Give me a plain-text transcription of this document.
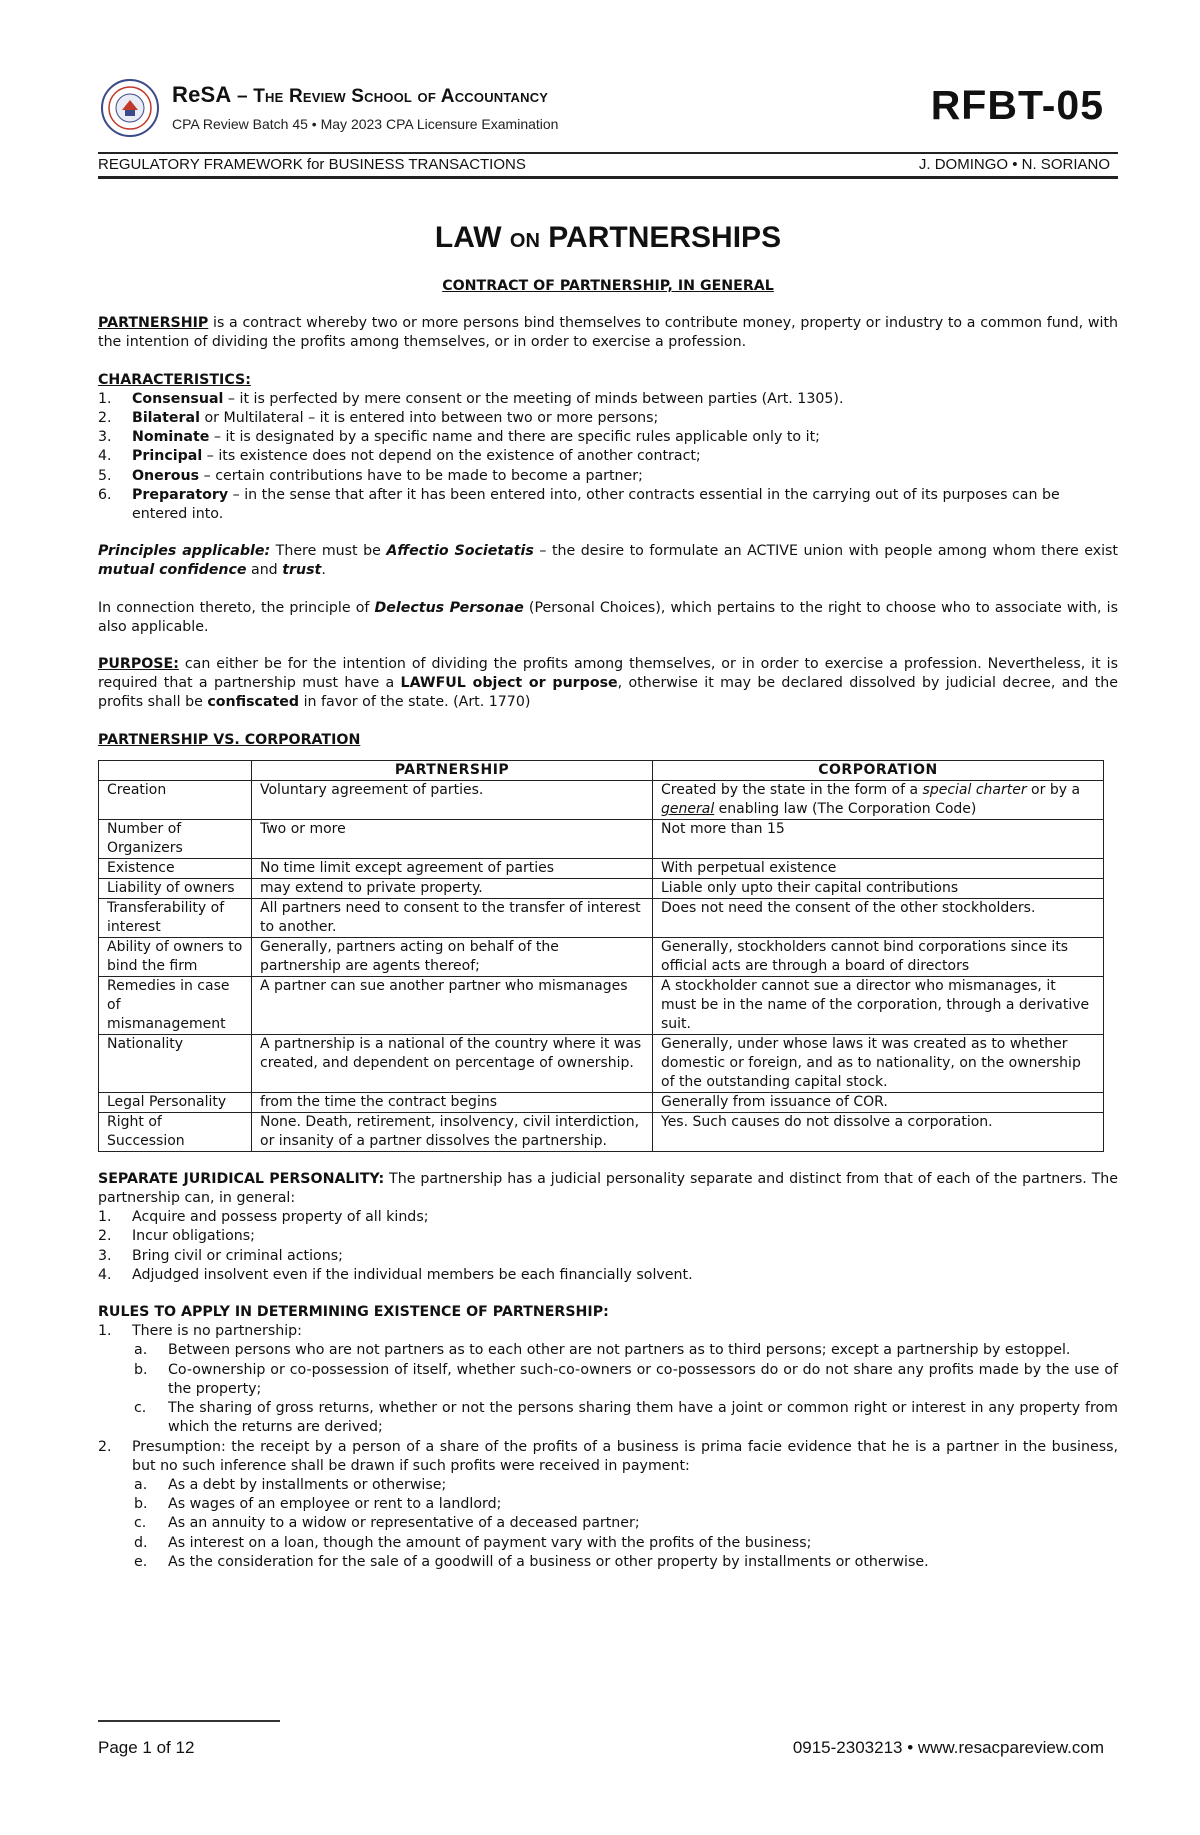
ReSA – The Review School of Accountancy
CPA Review Batch 45 • May 2023 CPA Licensure Examination	RFBT-05
REGULATORY FRAMEWORK for BUSINESS TRANSACTIONS	J. DOMINGO • N. SORIANO
LAW ON PARTNERSHIPS
CONTRACT OF PARTNERSHIP, IN GENERAL

PARTNERSHIP is a contract whereby two or more persons bind themselves to contribute money, property or industry to a common fund, with the intention of dividing the profits among themselves, or in order to exercise a profession.

CHARACTERISTICS:
1. Consensual – it is perfected by mere consent or the meeting of minds between parties (Art. 1305).
2. Bilateral or Multilateral – it is entered into between two or more persons;
3. Nominate – it is designated by a specific name and there are specific rules applicable only to it;
4. Principal – its existence does not depend on the existence of another contract;
5. Onerous – certain contributions have to be made to become a partner;
6. Preparatory – in the sense that after it has been entered into, other contracts essential in the carrying out of its purposes can be entered into.

Principles applicable: There must be Affectio Societatis – the desire to formulate an ACTIVE union with people among whom there exist mutual confidence and trust.

In connection thereto, the principle of Delectus Personae (Personal Choices), which pertains to the right to choose who to associate with, is also applicable.

PURPOSE: can either be for the intention of dividing the profits among themselves, or in order to exercise a profession. Nevertheless, it is required that a partnership must have a LAWFUL object or purpose, otherwise it may be declared dissolved by judicial decree, and the profits shall be confiscated in favor of the state. (Art. 1770)

PARTNERSHIP VS. CORPORATION
	PARTNERSHIP	CORPORATION
Creation	Voluntary agreement of parties.	Created by the state in the form of a special charter or by a general enabling law (The Corporation Code)
Number of Organizers	Two or more	Not more than 15
Existence	No time limit except agreement of parties	With perpetual existence
Liability of owners	may extend to private property.	Liable only upto their capital contributions
Transferability of interest	All partners need to consent to the transfer of interest to another.	Does not need the consent of the other stockholders.
Ability of owners to bind the firm	Generally, partners acting on behalf of the partnership are agents thereof;	Generally, stockholders cannot bind corporations since its official acts are through a board of directors
Remedies in case of mismanagement	A partner can sue another partner who mismanages	A stockholder cannot sue a director who mismanages, it must be in the name of the corporation, through a derivative suit.
Nationality	A partnership is a national of the country where it was created, and dependent on percentage of ownership.	Generally, under whose laws it was created as to whether domestic or foreign, and as to nationality, on the ownership of the outstanding capital stock.
Legal Personality	from the time the contract begins	Generally from issuance of COR.
Right of Succession	None. Death, retirement, insolvency, civil interdiction, or insanity of a partner dissolves the partnership.	Yes. Such causes do not dissolve a corporation.

SEPARATE JURIDICAL PERSONALITY: The partnership has a judicial personality separate and distinct from that of each of the partners. The partnership can, in general:

1. Acquire and possess property of all kinds;
2. Incur obligations;
3. Bring civil or criminal actions;
4. Adjudged insolvent even if the individual members be each financially solvent.
RULES TO APPLY IN DETERMINING EXISTENCE OF PARTNERSHIP:
1. There is no partnership:
a. Between persons who are not partners as to each other are not partners as to third persons; except a partnership by estoppel.
b. Co-ownership or co-possession of itself, whether such-co-owners or co-possessors do or do not share any profits made by the use of the property;
c. The sharing of gross returns, whether or not the persons sharing them have a joint or common right or interest in any property from which the returns are derived;
2. Presumption: the receipt by a person of a share of the profits of a business is prima facie evidence that he is a partner in the business, but no such inference shall be drawn if such profits were received in payment:
a. As a debt by installments or otherwise;
b. As wages of an employee or rent to a landlord;
c. As an annuity to a widow or representative of a deceased partner;
d. As interest on a loan, though the amount of payment vary with the profits of the business;
e. As the consideration for the sale of a goodwill of a business or other property by installments or otherwise.
Page 1 of 12	0915-2303213 • www.resacpareview.com
